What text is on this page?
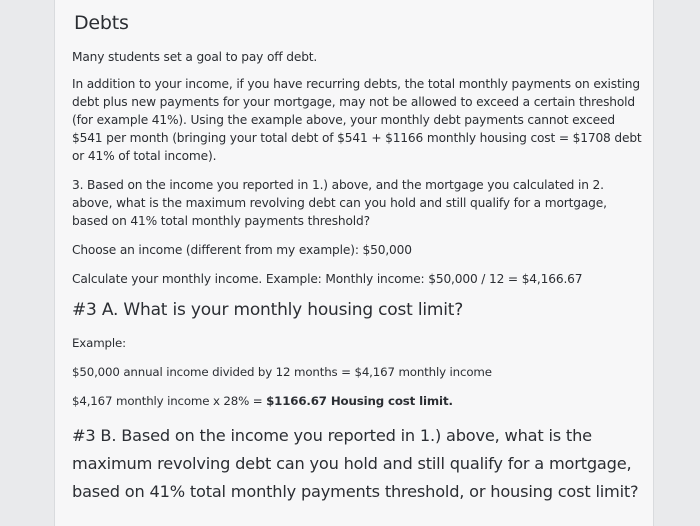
Debts

Many students set a goal to pay off debt.

In addition to your income, if you have recurring debts, the total monthly payments on existing debt plus new payments for your mortgage, may not be allowed to exceed a certain threshold (for example 41%). Using the example above, your monthly debt payments cannot exceed $541 per month (bringing your total debt of $541 + $1166 monthly housing cost = $1708 debt or 41% of total income).

3. Based on the income you reported in 1.) above, and the mortgage you calculated in 2. above, what is the maximum revolving debt can you hold and still qualify for a mortgage, based on 41% total monthly payments threshold?

Choose an income (different from my example): $50,000

Calculate your monthly income. Example: Monthly income: $50,000 / 12 = $4,166.67

#3 A. What is your monthly housing cost limit?

Example:

$50,000 annual income divided by 12 months = $4,167 monthly income

$4,167 monthly income x 28% = $1166.67 Housing cost limit.

#3 B. Based on the income you reported in 1.) above, what is the maximum revolving debt can you hold and still qualify for a mortgage, based on 41% total monthly payments threshold, or housing cost limit?
